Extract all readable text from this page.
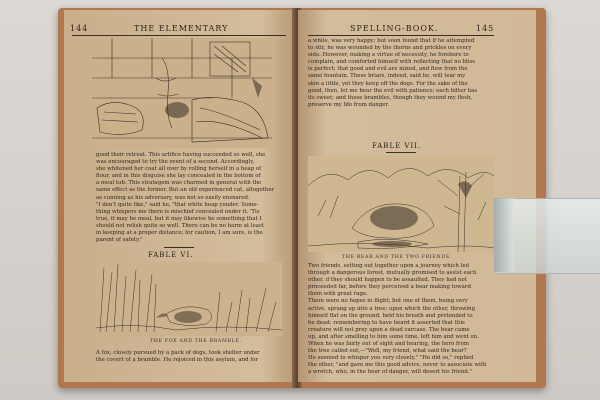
144	THE ELEMENTARY
good their retreat. This artifice having succeeded so well, she
was encouraged to try the event of a second. Accordingly,
she whitened her coat all over by rolling herself in a heap of
flour, and in this disguise she lay concealed in the bottom of
a meal tub. This stratagem was charmed in general with the
same effect as the former. But an old experienced cat, altogether
as cunning as his adversary, was not so easily ensnared.
"I don't quite like," said he, "that white heap yonder. Some-
thing whispers me there is mischief concealed under it. 'Tis
true, it may be meal, but it may likewise be something that I
should not relish quite so well. There can be no harm at least
in keeping at a proper distance; for caution, I am sure, is the
parent of safety."
FABLE VI.
THE FOX AND THE BRAMBLE.
A fox, closely pursued by a pack of dogs, took shelter under
the covert of a bramble. He rejoiced in this asylum, and for
SPELLING-BOOK.	145
a while, was very happy; but soon found that if he attempted
to stir, he was wounded by the thorns and prickles on every
side. However, making a virtue of necessity, he forebore to
complain, and comforted himself with reflecting that no bliss
is perfect; that good and evil are mixed, and flow from the
same fountain. These briars, indeed, said he, will tear my
skin a little, yet they keep off the dogs. For the sake of the
good, then, let me bear the evil with patience; each bitter has
its sweet; and these brambles, though they wound my flesh,
preserve my life from danger.
FABLE VII.
THE BEAR AND THE TWO FRIENDS.
Two friends, setting out together upon a journey which led
through a dangerous forest, mutually promised to assist each
other, if they should happen to be assaulted. They had not
proceeded far, before they perceived a bear making toward
them with great rage.
There were no hopes in flight; but one of them, being very
active, sprang up into a tree; upon which the other, throwing
himself flat on the ground, held his breath and pretended to
be dead; remembering to have heard it asserted that this
creature will not prey upon a dead carcase. The bear came
up, and after smelling to him some time, left him and went on.
When he was fairly out of sight and hearing, the hero from
the tree called out,—"Well, my friend, what said the bear?
He seemed to whisper you very closely." "He did so," replied
the other, "and gave me this good advice, never to associate with
a wretch, who, in the hour of danger, will desert his friend."
